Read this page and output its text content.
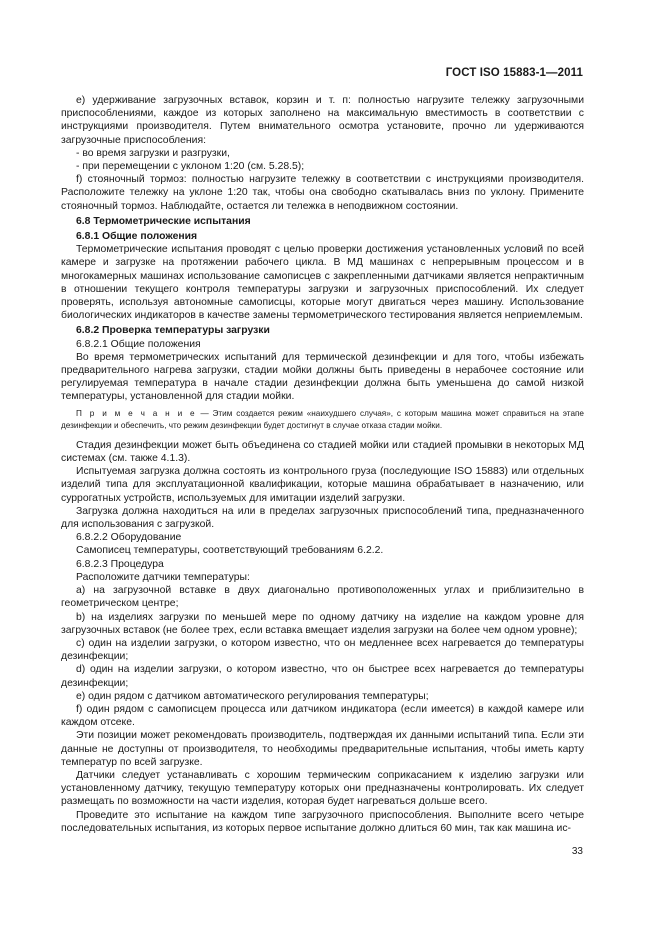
ГОСТ ISO 15883-1—2011

е) удерживание загрузочных вставок, корзин и т. п: полностью нагрузите тележку загрузочными приспособлениями, каждое из которых заполнено на максимальную вместимость в соответствии с инструкциями производителя. Путем внимательного осмотра установите, прочно ли удерживаются загрузочные приспособления:

- во время загрузки и разгрузки,

- при перемещении с уклоном 1:20 (см. 5.28.5);

f) стояночный тормоз: полностью нагрузите тележку в соответствии с инструкциями производителя. Расположите тележку на уклоне 1:20 так, чтобы она свободно скатывалась вниз по уклону. Примените стояночный тормоз. Наблюдайте, остается ли тележка в неподвижном состоянии.

6.8 Термометрические испытания

6.8.1 Общие положения

Термометрические испытания проводят с целью проверки достижения установленных условий по всей камере и загрузке на протяжении рабочего цикла. В МД машинах с непрерывным процессом и в многокамерных машинах использование самописцев с закрепленными датчиками является непрактичным в отношении текущего контроля температуры загрузки и загрузочных приспособлений. Их следует проверять, используя автономные самописцы, которые могут двигаться через машину. Использование биологических индикаторов в качестве замены термометрического тестирования является неприемлемым.

6.8.2 Проверка температуры загрузки

6.8.2.1 Общие положения

Во время термометрических испытаний для термической дезинфекции и для того, чтобы избежать предварительного нагрева загрузки, стадии мойки должны быть приведены в нерабочее состояние или регулируемая температура в начале стадии дезинфекции должна быть уменьшена до самой низкой температуры, установленной для стадии мойки.

П р и м е ч а н и е — Этим создается режим «наихудшего случая», с которым машина может справиться на этапе дезинфекции и обеспечить, что режим дезинфекции будет достигнут в случае отказа стадии мойки.

Стадия дезинфекции может быть объединена со стадией мойки или стадией промывки в некоторых МД системах (см. также 4.1.3).

Испытуемая загрузка должна состоять из контрольного груза (последующие ISO 15883) или отдельных изделий типа для эксплуатационной квалификации, которые машина обрабатывает в назначению, или суррогатных устройств, используемых для имитации изделий загрузки.

Загрузка должна находиться на или в пределах загрузочных приспособлений типа, предназначенного для использования с загрузкой.

6.8.2.2 Оборудование

Самописец температуры, соответствующий требованиям 6.2.2.

6.8.2.3 Процедура

Расположите датчики температуры:

а) на загрузочной вставке в двух диагонально противоположенных углах и приблизительно в геометрическом центре;

b) на изделиях загрузки по меньшей мере по одному датчику на изделие на каждом уровне для загрузочных вставок (не более трех, если вставка вмещает изделия загрузки на более чем одном уровне);

с) один на изделии загрузки, о котором известно, что он медленнее всех нагревается до температуры дезинфекции;

d) один на изделии загрузки, о котором известно, что он быстрее всех нагревается до температуры дезинфекции;

е) один рядом с датчиком автоматического регулирования температуры;

f) один рядом с самописцем процесса или датчиком индикатора (если имеется) в каждой камере или каждом отсеке.

Эти позиции может рекомендовать производитель, подтверждая их данными испытаний типа. Если эти данные не доступны от производителя, то необходимы предварительные испытания, чтобы иметь карту температур по всей загрузке.

Датчики следует устанавливать с хорошим термическим соприкасанием к изделию загрузки или установленному датчику, текущую температуру которых они предназначены контролировать. Их следует размещать по возможности на части изделия, которая будет нагреваться дольше всего.

Проведите это испытание на каждом типе загрузочного приспособления. Выполните всего четыре последовательных испытания, из которых первое испытание должно длиться 60 мин, так как машина ис-

33
